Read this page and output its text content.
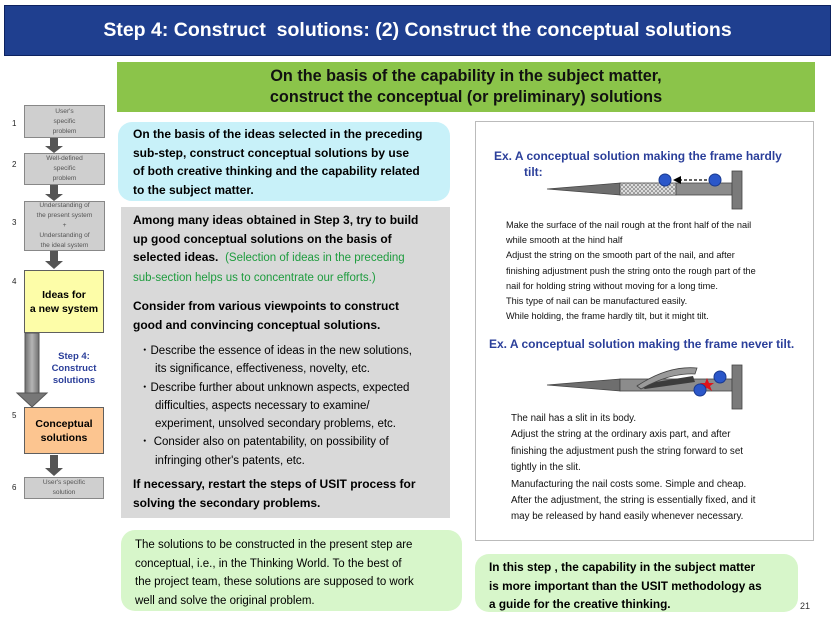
Step 4: Construct  solutions: (2) Construct the conceptual solutions
On the basis of the capability in the subject matter,
construct the conceptual (or preliminary) solutions
1
User's
specific
problem
2
Well-defined
specific
problem
3
Understanding of
the present system
+
Understanding of
the ideal system
4
Ideas for
a new system
Step 4:
Construct
solutions
5
Conceptual
solutions
6
User's specific
solution
On the basis of the ideas selected in the preceding
sub-step, construct conceptual solutions by use
of both creative thinking and the capability related
to the subject matter.

Among many ideas obtained in Step 3, try to build
up good conceptual solutions on the basis of
selected ideas. (Selection of ideas in the preceding
sub-section helps us to concentrate our efforts.)

Consider from various viewpoints to construct
good and convincing conceptual solutions.

・Describe the essence of ideas in the new solutions,
its significance, effectiveness, novelty, etc.
・Describe further about unknown aspects, expected
difficulties, aspects necessary to examine/
experiment, unsolved secondary problems, etc.
・ Consider also on patentability, on possibility of
infringing other's patents, etc.

If necessary, restart the steps of USIT process for
solving the secondary problems.

Ex. A conceptual solution making the frame hardly
tilt:
Make the surface of the nail rough at the front half of the nail
while smooth at the hind half
Adjust the string on the smooth part of the nail, and after
finishing adjustment push the string onto the rough part of the
nail for holding string without moving for a long time.
This type of nail can be manufactured easily.
While holding, the frame hardly tilt, but it might tilt.
Ex. A conceptual solution making the frame never tilt.
The nail has a slit in its body.
Adjust the string at the ordinary axis part, and after
finishing the adjustment push the string forward to set
tightly in the slit.
Manufacturing the nail costs some. Simple and cheap.
After the adjustment, the string is essentially fixed, and it
may be released by hand easily whenever necessary.
The solutions to be constructed in the present step are
conceptual, i.e., in the Thinking World. To the best of
the project team, these solutions are supposed to work
well and solve the original problem.
In this step , the capability in the subject matter
is more important than the USIT methodology as
a guide for the creative thinking.	21
